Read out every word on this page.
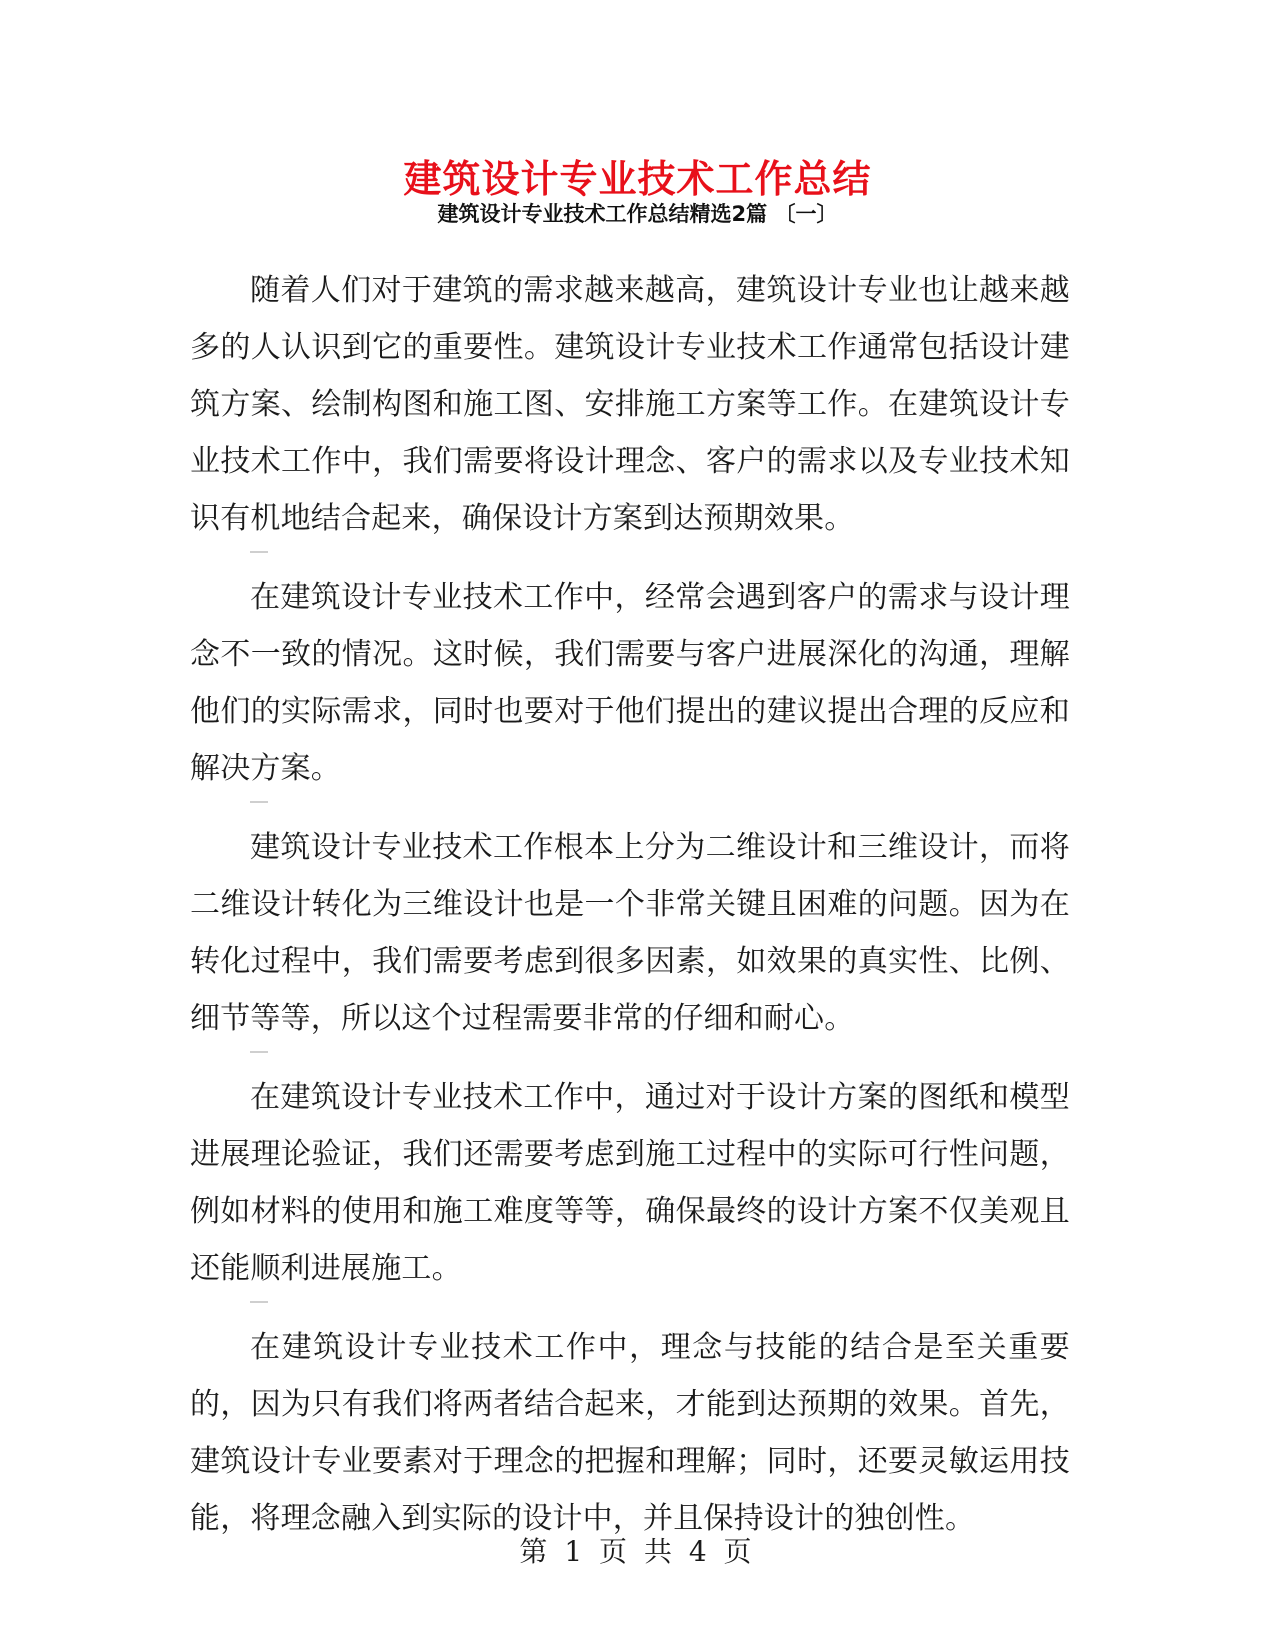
建筑设计专业技术工作总结
建筑设计专业技术工作总结精选2篇 〔一〕

随着人们对于建筑的需求越来越高，建筑设计专业也让越来越多的人认识到它的重要性。建筑设计专业技术工作通常包括设计建筑方案、绘制构图和施工图、安排施工方案等工作。在建筑设计专业技术工作中，我们需要将设计理念、客户的需求以及专业技术知识有机地结合起来，确保设计方案到达预期效果。

在建筑设计专业技术工作中，经常会遇到客户的需求与设计理念不一致的情况。这时候，我们需要与客户进展深化的沟通，理解他们的实际需求，同时也要对于他们提出的建议提出合理的反应和解决方案。

建筑设计专业技术工作根本上分为二维设计和三维设计，而将二维设计转化为三维设计也是一个非常关键且困难的问题。因为在转化过程中，我们需要考虑到很多因素，如效果的真实性、比例、细节等等，所以这个过程需要非常的仔细和耐心。

在建筑设计专业技术工作中，通过对于设计方案的图纸和模型进展理论验证，我们还需要考虑到施工过程中的实际可行性问题，例如材料的使用和施工难度等等，确保最终的设计方案不仅美观且还能顺利进展施工。

在建筑设计专业技术工作中，理念与技能的结合是至关重要的，因为只有我们将两者结合起来，才能到达预期的效果。首先，建筑设计专业要素对于理念的把握和理解；同时，还要灵敏运用技能，将理念融入到实际的设计中，并且保持设计的独创性。

第 1 页 共 4 页
